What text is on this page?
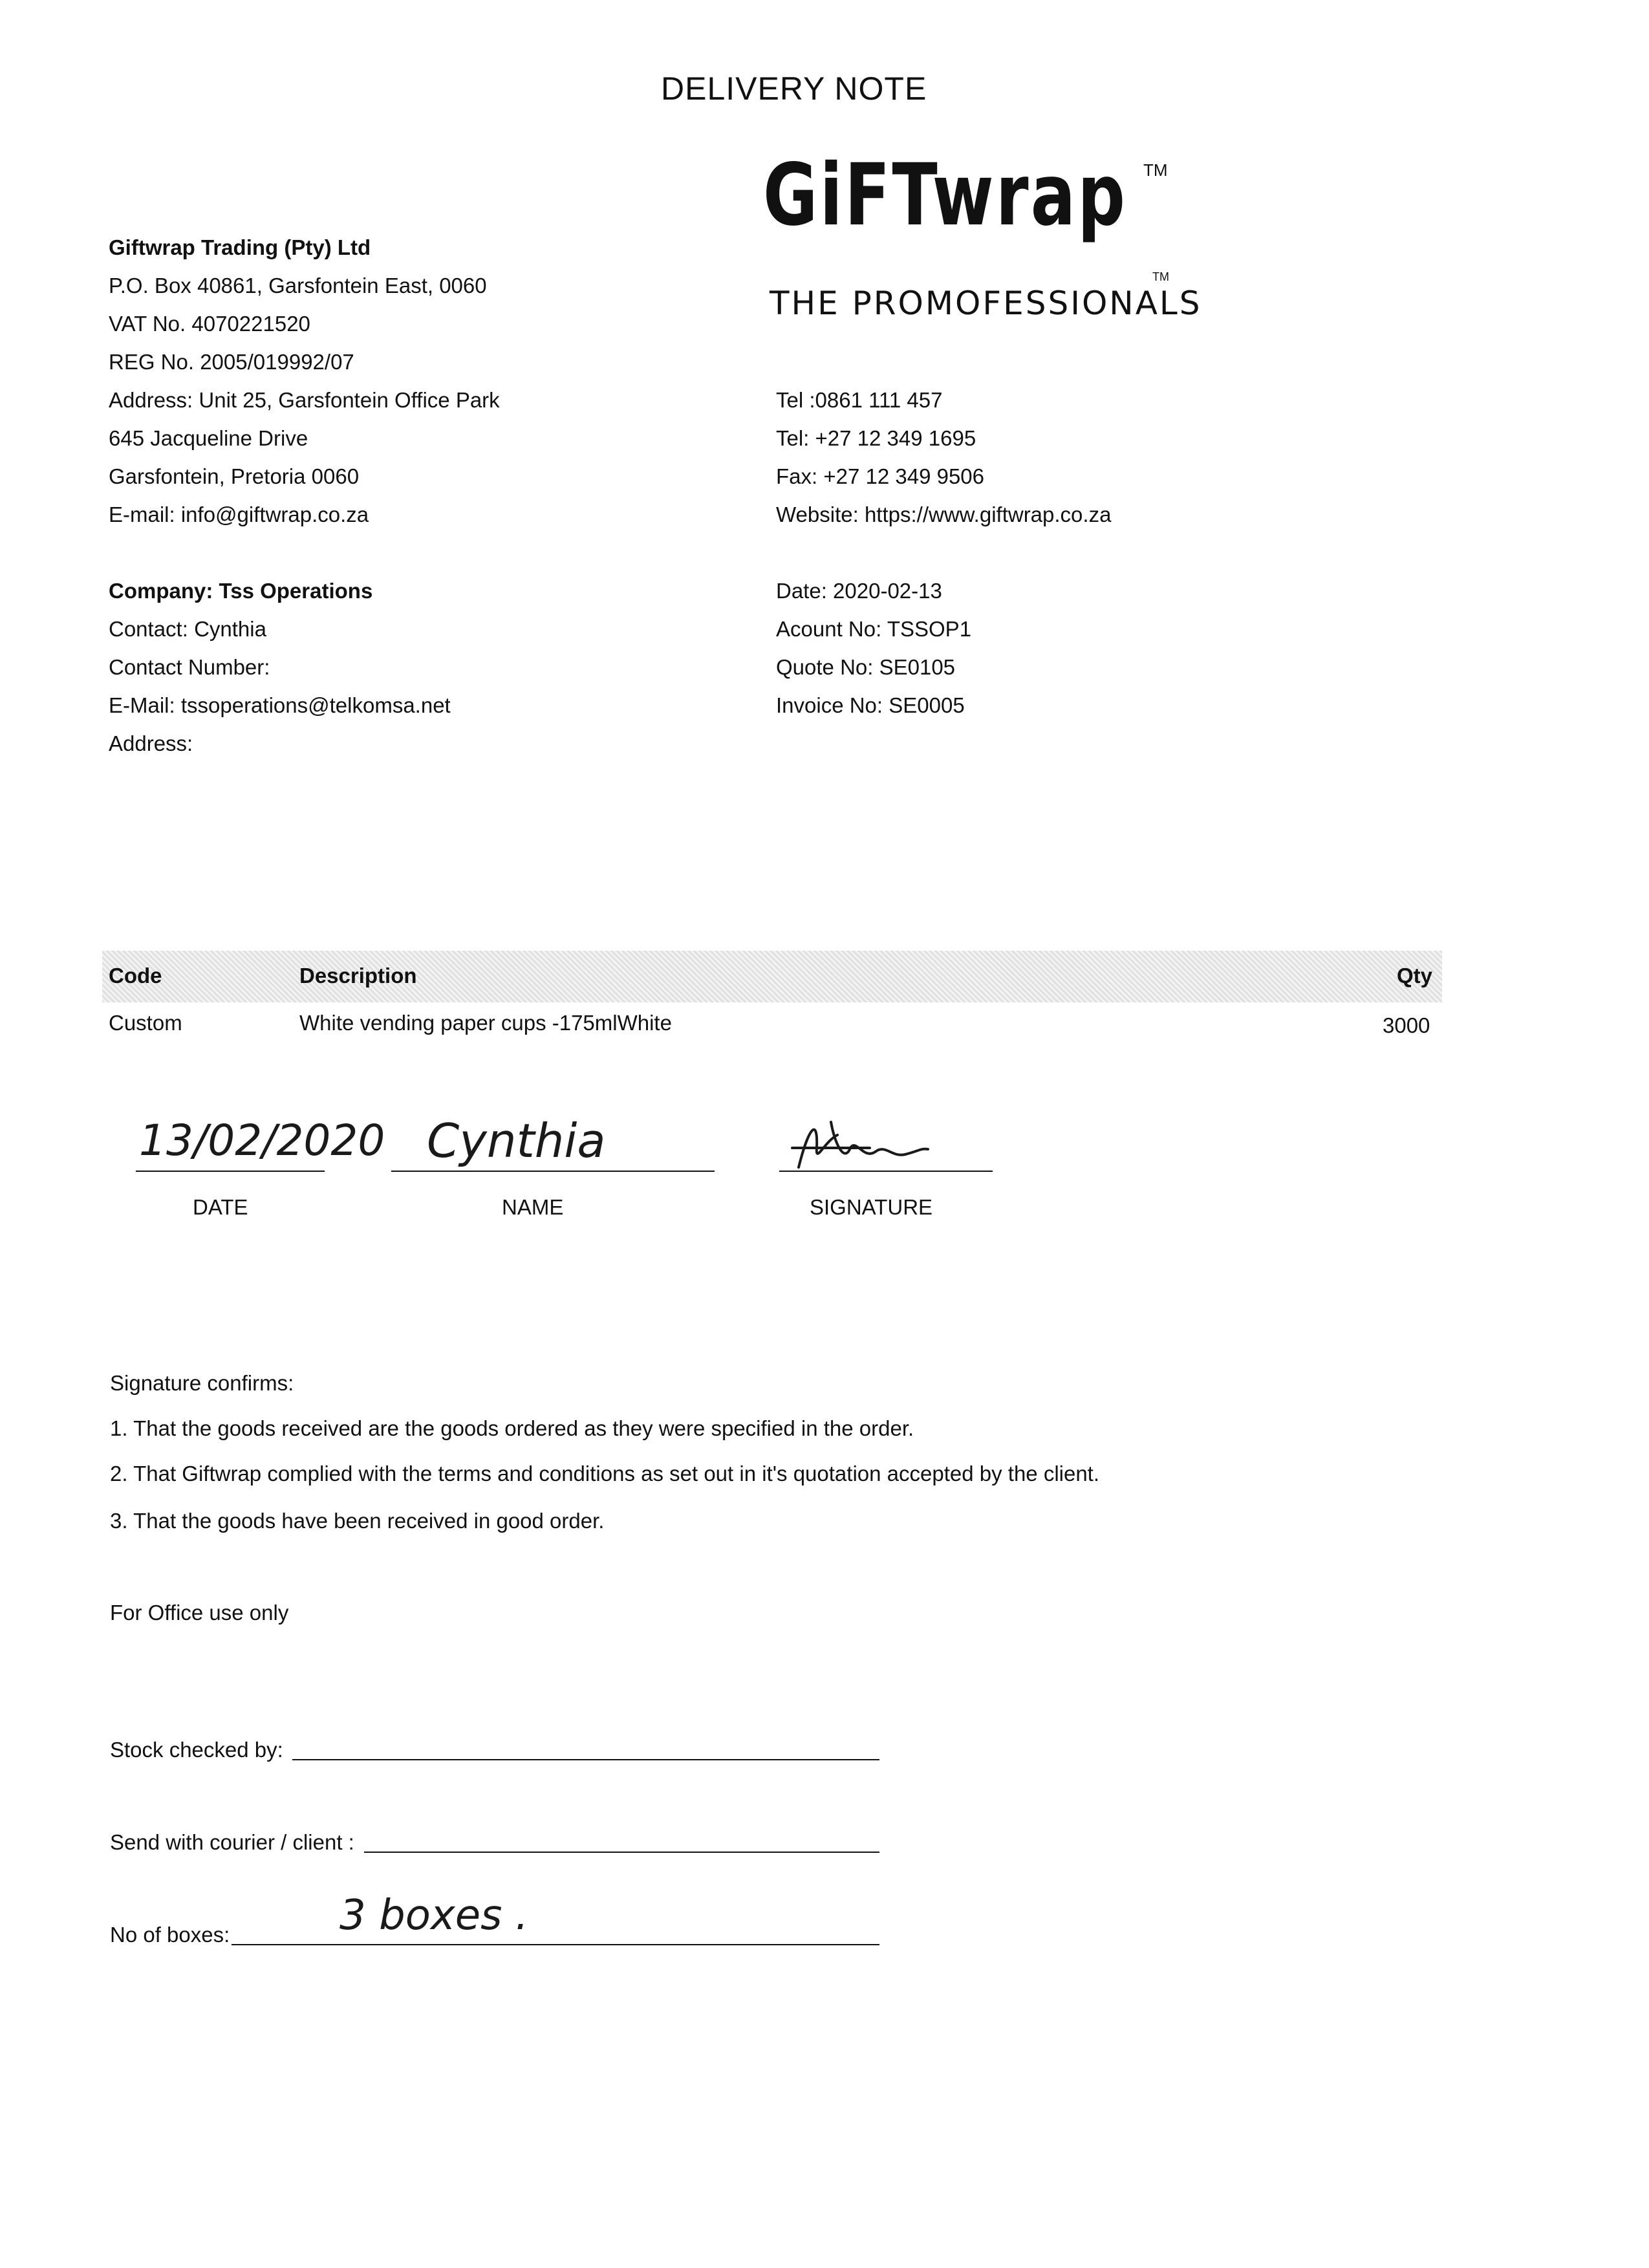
DELIVERY NOTE
GiFTwrap TM
THE PROMOFESSIONALS
TM
Giftwrap Trading (Pty) Ltd
P.O. Box 40861, Garsfontein East, 0060
VAT No. 4070221520
REG No. 2005/019992/07
Address: Unit 25, Garsfontein Office Park
645 Jacqueline Drive
Garsfontein, Pretoria 0060
E-mail: info@giftwrap.co.za
Tel :0861 111 457
Tel: +27 12 349 1695
Fax: +27 12 349 9506
Website: https://www.giftwrap.co.za
Company: Tss Operations
Contact: Cynthia
Contact Number:
E-Mail: tssoperations@telkomsa.net
Address:
Date: 2020-02-13
Acount No: TSSOP1
Quote No: SE0105
Invoice No: SE0005
Code	Description	Qty
Custom	White vending paper cups -175mlWhite	3000
13/02/2020
DATE
Cynthia
NAME	SIGNATURE
Signature confirms:
1. That the goods received are the goods ordered as they were specified in the order.
2. That Giftwrap complied with the terms and conditions as set out in it's quotation accepted by the client.
3. That the goods have been received in good order.
For Office use only
Stock checked by:
Send with courier / client :
No of boxes:	3 boxes .
